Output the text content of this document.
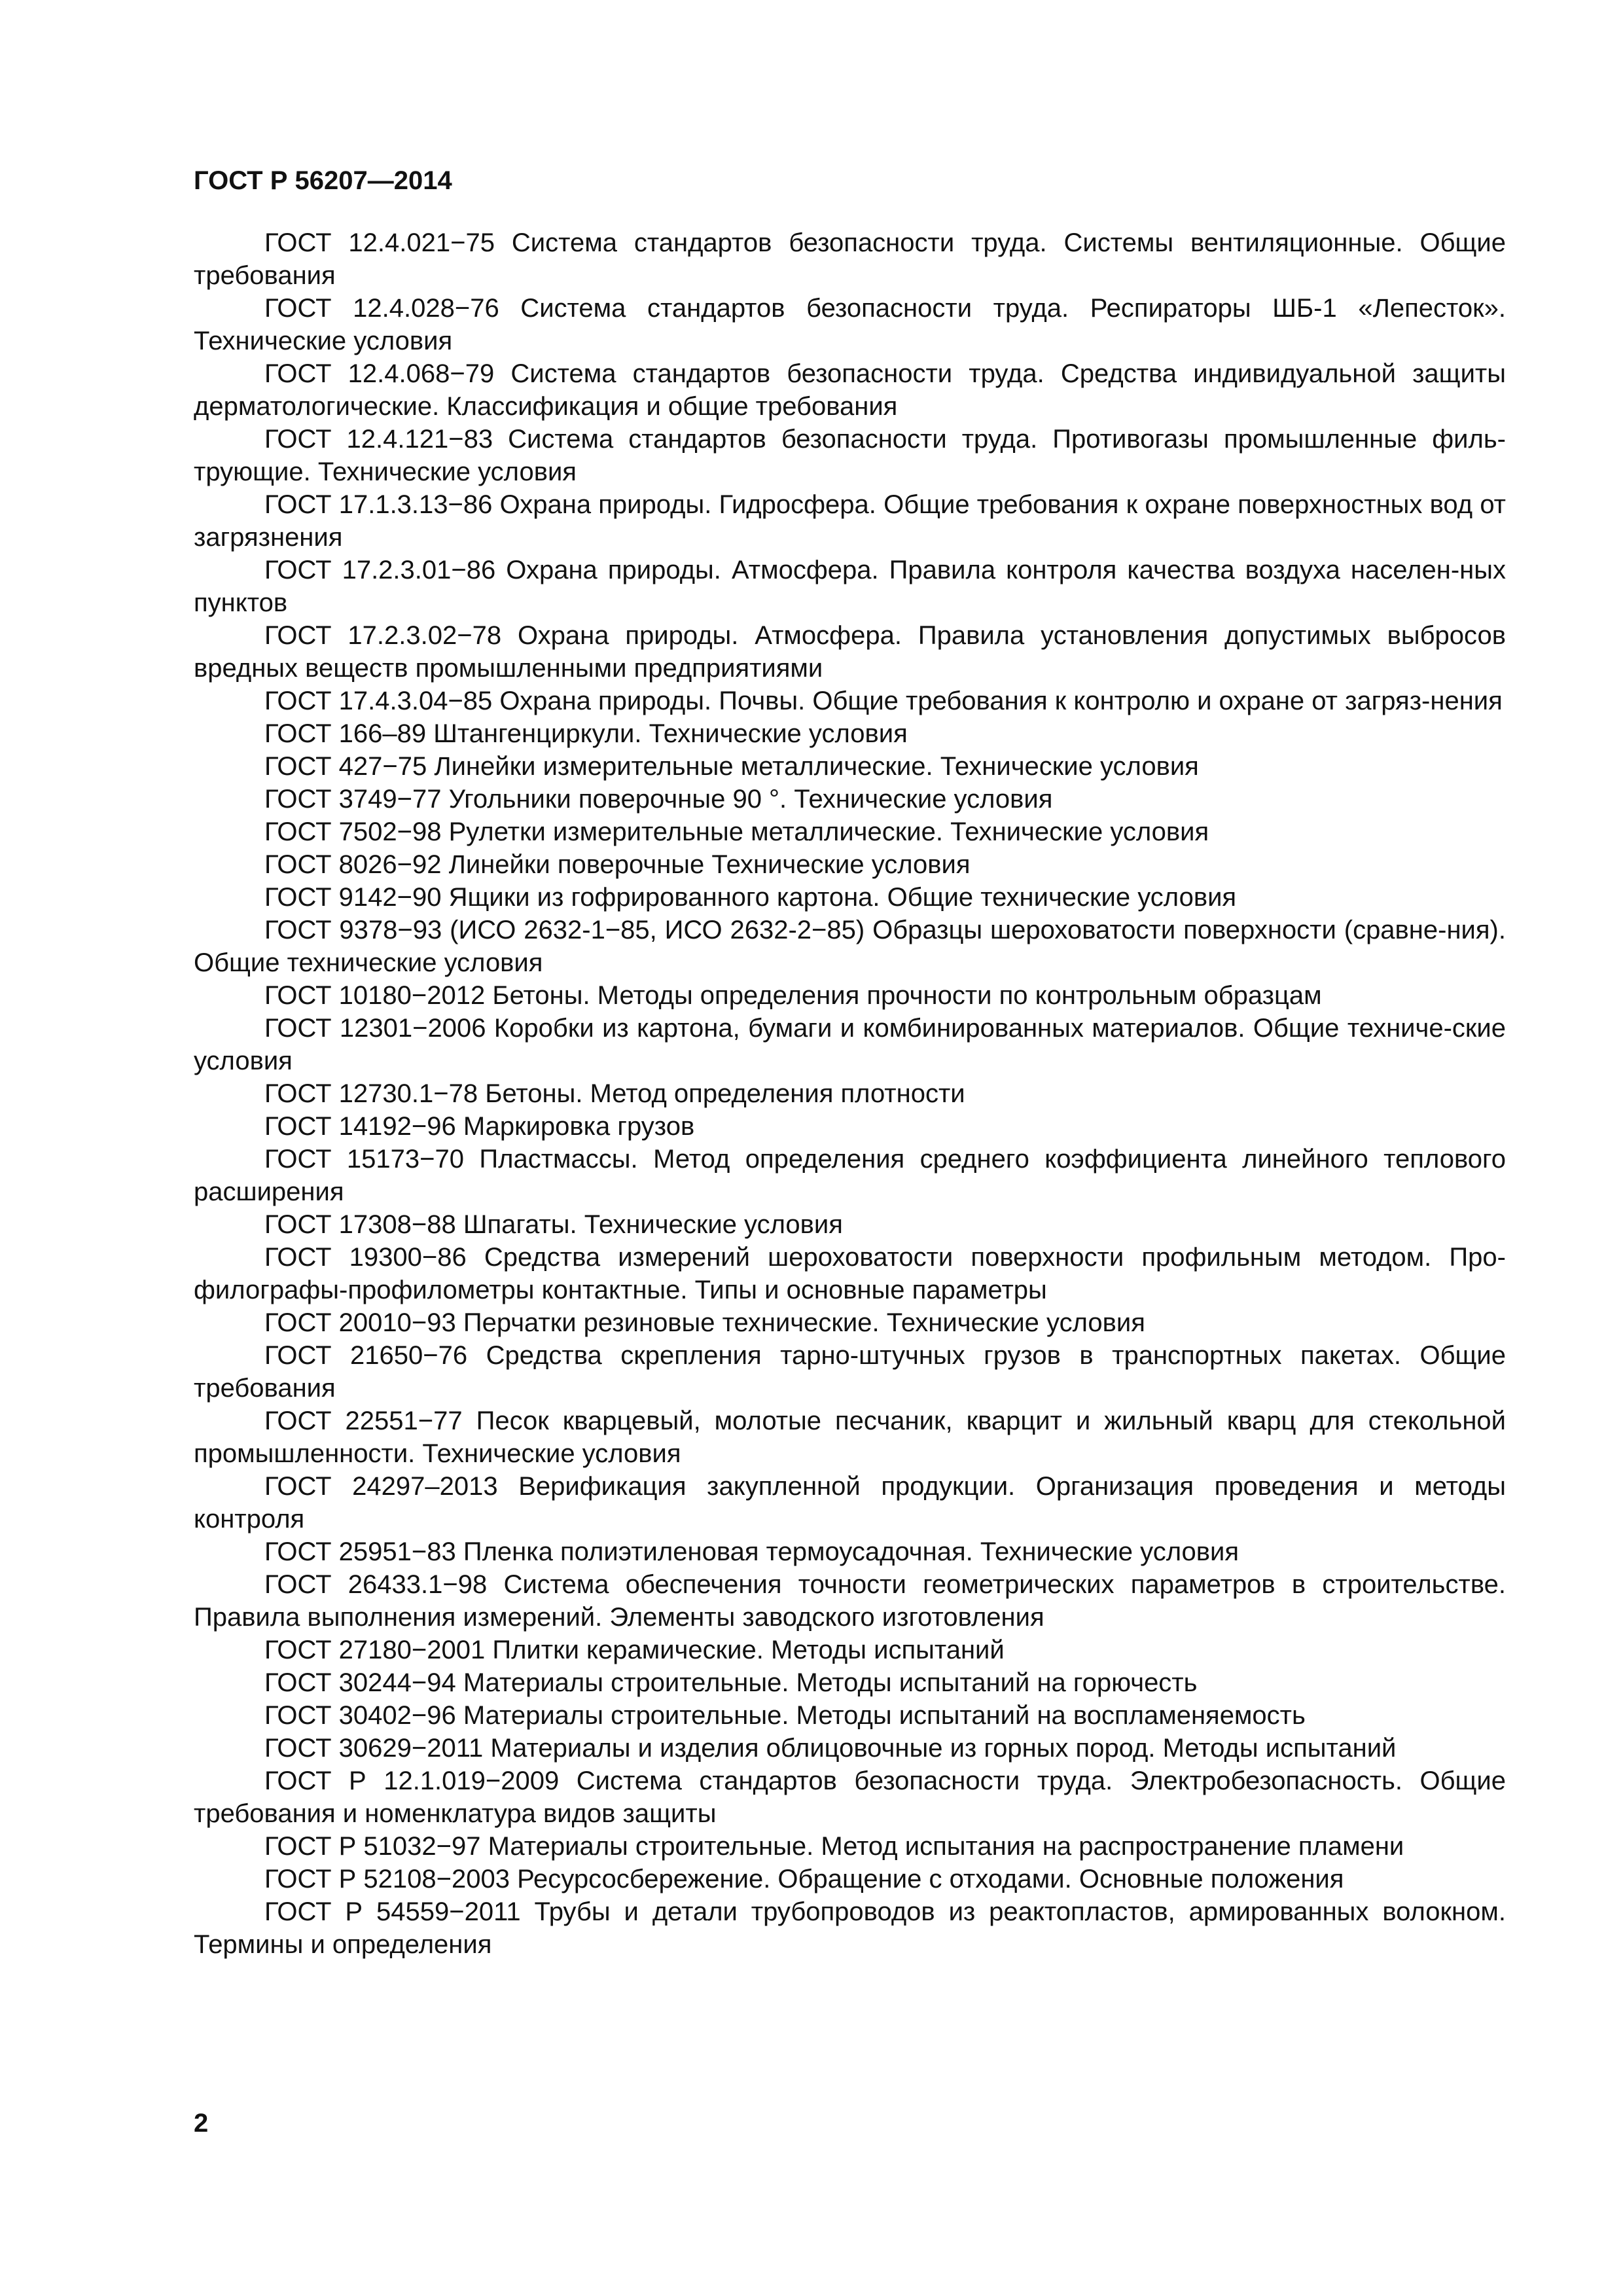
ГОСТ Р 56207—2014
ГОСТ 12.4.021−75 Система стандартов безопасности труда. Системы вентиляционные. Общие требования
ГОСТ 12.4.028−76 Система стандартов безопасности труда. Респираторы ШБ-1 «Лепесток». Технические условия
ГОСТ 12.4.068−79 Система стандартов безопасности труда. Средства индивидуальной защиты дерматологические. Классификация и общие требования
ГОСТ 12.4.121−83 Система стандартов безопасности труда. Противогазы промышленные филь-трующие. Технические условия
ГОСТ 17.1.3.13−86 Охрана природы. Гидросфера. Общие требования к охране поверхностных вод от загрязнения
ГОСТ 17.2.3.01−86 Охрана природы. Атмосфера. Правила контроля качества воздуха населен-ных пунктов
ГОСТ 17.2.3.02−78 Охрана природы. Атмосфера. Правила установления допустимых выбросов вредных веществ промышленными предприятиями
ГОСТ 17.4.3.04−85 Охрана природы. Почвы. Общие требования к контролю и охране от загряз-нения
ГОСТ 166–89 Штангенциркули. Технические условия
ГОСТ 427−75 Линейки измерительные металлические. Технические условия
ГОСТ 3749−77 Угольники поверочные 90 °. Технические условия
ГОСТ 7502−98 Рулетки измерительные металлические. Технические условия
ГОСТ 8026−92 Линейки поверочные Технические условия
ГОСТ 9142−90 Ящики из гофрированного картона. Общие технические условия
ГОСТ 9378−93 (ИСО 2632-1−85, ИСО 2632-2−85) Образцы шероховатости поверхности (сравне-ния). Общие технические условия
ГОСТ 10180−2012 Бетоны. Методы определения прочности по контрольным образцам
ГОСТ 12301−2006 Коробки из картона, бумаги и комбинированных материалов. Общие техниче-ские условия
ГОСТ 12730.1−78 Бетоны. Метод определения плотности
ГОСТ 14192−96 Маркировка грузов
ГОСТ 15173−70 Пластмассы. Метод определения среднего коэффициента линейного теплового расширения
ГОСТ 17308−88 Шпагаты. Технические условия
ГОСТ 19300−86 Средства измерений шероховатости поверхности профильным методом. Про-филографы-профилометры контактные. Типы и основные параметры
ГОСТ 20010−93 Перчатки резиновые технические. Технические условия
ГОСТ 21650−76 Средства скрепления тарно-штучных грузов в транспортных пакетах. Общие требования
ГОСТ 22551−77 Песок кварцевый, молотые песчаник, кварцит и жильный кварц для стекольной промышленности. Технические условия
ГОСТ 24297–2013 Верификация закупленной продукции. Организация проведения и методы контроля
ГОСТ 25951−83 Пленка полиэтиленовая термоусадочная. Технические условия
ГОСТ 26433.1−98 Система обеспечения точности геометрических параметров в строительстве. Правила выполнения измерений. Элементы заводского изготовления
ГОСТ 27180−2001 Плитки керамические. Методы испытаний
ГОСТ 30244−94 Материалы строительные. Методы испытаний на горючесть
ГОСТ 30402−96 Материалы строительные. Методы испытаний на воспламеняемость
ГОСТ 30629−2011 Материалы и изделия облицовочные из горных пород. Методы испытаний
ГОСТ Р 12.1.019−2009 Система стандартов безопасности труда. Электробезопасность. Общие требования и номенклатура видов защиты
ГОСТ Р 51032−97 Материалы строительные. Метод испытания на распространение пламени
ГОСТ Р 52108−2003 Ресурсосбережение. Обращение с отходами. Основные положения
ГОСТ Р 54559−2011 Трубы и детали трубопроводов из реактопластов, армированных волокном. Термины и определения
2
